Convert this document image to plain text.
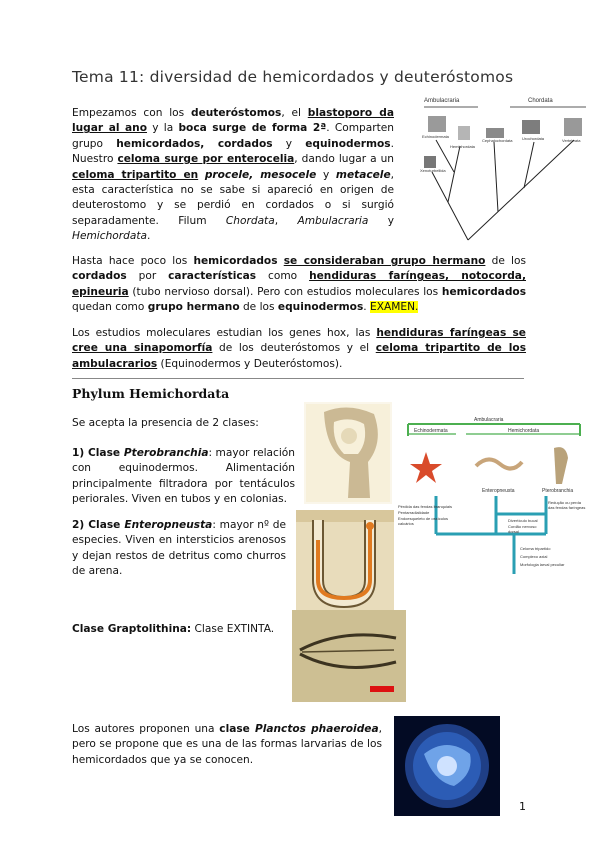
Tema 11: diversidad de hemicordados y deuteróstomos
Empezamos con los deuteróstomos, el blastoporo da lugar al ano y la boca surge de forma 2ª. Comparten grupo hemicordados, cordados y equinodermos. Nuestro celoma surge por enterocelia, dando lugar a un celoma tripartito en procele, mesocele y metacele, esta característica no se sabe si apareció en origen de deuterostomo y se perdió en cordados o si surgió separadamente. Filum Chordata, Ambulacraria y Hemichordata.
Ambulacraria	Chordata
Echinodermata
Hemichordata
Cephalochordata Urochordata	Vertebrata
Xenoturbellida
Hasta hace poco los hemicordados se consideraban grupo hermano de los cordados por características como hendiduras faríngeas, notocorda, epineuria (tubo nervioso dorsal). Pero con estudios moleculares los hemicordados quedan como grupo hermano de los equinodermos. EXAMEN.
Los estudios moleculares estudian los genes hox, las hendiduras faríngeas se cree una sinapomorfía de los deuteróstomos y el celoma tripartito de los ambulacrarios (Equinodermos y Deuteróstomos).
Phylum Hemichordata
Se acepta la presencia de 2 clases:
1) Clase Pterobranchia: mayor relación con equinodermos. Alimentación principalmente filtradora por tentáculos periorales. Viven en tubos y en colonias.
2) Clase Enteropneusta: mayor nº de especies. Viven en intersticios arenosos y dejan restos de detritus como churros de arena.
Ambulacraria
Echinodermata	Hemichordata
Enteropneusta	Pterobranchia
Pérdida das fendas branquiais
Pentarradialidade
Endoesqueleto de ossículos calcários
Redução ou perda das fendas faríngeas
Divertículo bucal
Cordão nervoso dorsal
Celoma tripartido
Complexo axial
Morfologia larval peculiar
Clase Graptolithina: Clase EXTINTA.
Los autores proponen una clase Planctos phaeroidea, pero se propone que es una de las formas larvarias de los hemicordados que ya se conocen.
1
